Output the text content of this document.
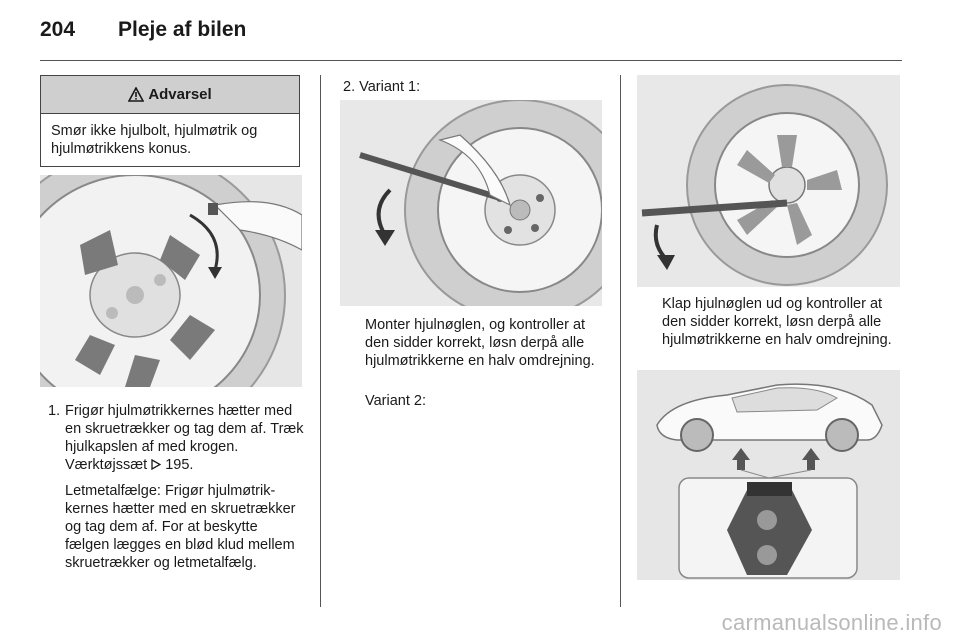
204 Pleje af bilen
Advarsel
Smør ikke hjulbolt, hjulmøtrik og hjulmøtrikkens konus.
1. Frigør hjulmøtrikkernes hætter med en skruetrækker og tag dem af. Træk hjulkapslen af med krogen. Værktøjssæt  195.

Letmetalfælge: Frigør hjulmøtrikkernes hætter med en skruetrækker og tag dem af. For at beskytte fælgen lægges en blød klud mellem skruetrækker og letmetalfælg.

2. Variant 1:
Monter hjulnøglen, og kontroller at den sidder korrekt, løsn derpå alle hjulmøtrikkerne en halv omdrejning.
Variant 2:
Klap hjulnøglen ud og kontroller at den sidder korrekt, løsn derpå alle hjulmøtrikkerne en halv omdrejning.
carmanualsonline.info
